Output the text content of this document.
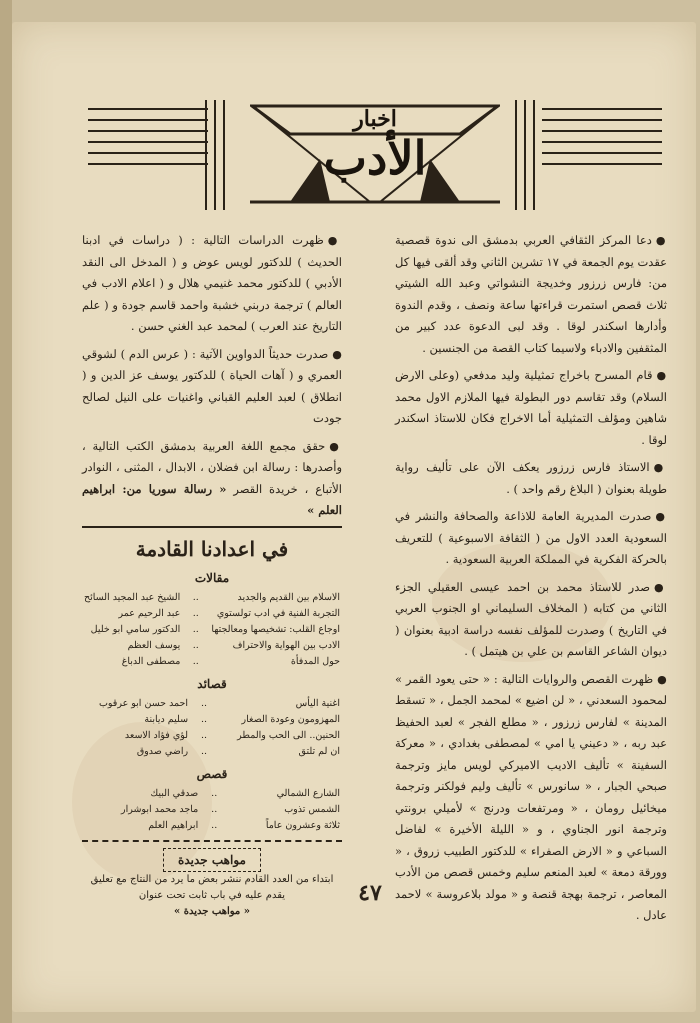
اخبار
الأدب

●دعا المركز الثقافي العربي بدمشق الى ندوة قصصية عقدت يوم الجمعة في ١٧ تشرين الثاني وقد ألقى فيها كل من: فارس زرزور وخديجة النشواتي وعبد الله الشيتي ثلاث قصص استمرت قراءتها ساعة ونصف ، وقدم الندوة وأدارها اسكندر لوقا . وقد لبى الدعوة عدد كبير من المثقفين والادباء ولاسيما كتاب القصة من الجنسين .

●قام المسرح باخراج تمثيلية وليد مدفعي (وعلى الارض السلام) وقد تقاسم دور البطولة فيها الملازم الاول محمد شاهين ومؤلف التمثيلية أما الاخراج فكان للاستاذ اسكندر لوقا .

●الاستاذ فارس زرزور يعكف الآن على تأليف رواية طويلة بعنوان ( البلاغ رقم واحد ) .

●صدرت المديرية العامة للاذاعة والصحافة والنشر في السعودية العدد الاول من ( الثقافة الاسبوعية ) للتعريف بالحركة الفكرية في المملكة العربية السعودية .

●صدر للاستاذ محمد بن احمد عيسى العقيلي الجزء الثاني من كتابه ( المخلاف السليماني او الجنوب العربي في التاريخ ) وصدرت للمؤلف نفسه دراسة ادبية بعنوان ( ديوان الشاعر القاسم بن علي بن هيتمل ) .

●ظهرت القصص والروايات التالية : « حتى يعود القمر » لمحمود السعدني ، « لن اضيع » لمحمد الجمل ، « تسقط المدينة » لفارس زرزور ، « مطلع الفجر » لعبد الحفيظ عبد ربه ، « دعيني يا امي » لمصطفى بغدادي ، « معركة السفينة » تأليف الاديب الاميركي لويس مايز وترجمة صبحي الجبار ، « سانورس » تأليف وليم فولكنر وترجمة ميخائيل رومان ، « ومرتفعات ودرنج » لأميلي برونتي وترجمة انور الجناوي ، و « الليلة الأخيرة » لفاضل السباعي و « الارض الصفراء » للدكتور الطبيب زروق ، « وورقة دمعة » لعبد المنعم سليم وخمس قصص من الأدب المعاصر ، ترجمة بهجة قنصة و « مولد بلاعروسة » لاحمد عادل .

●ظهرت الدراسات التالية : ( دراسات في ادبنا الحديث ) للدكتور لويس عوض و ( المدخل الى النقد الأدبي ) للدكتور محمد غنيمي هلال و ( اعلام الادب في العالم ) ترجمة دربني خشبة واحمد قاسم جودة و ( علم التاريخ عند العرب ) لمحمد عبد الغني حسن .

●صدرت حديثاً الدواوين الآتية : ( عرس الدم ) لشوقي العمري و ( آهات الحياة ) للدكتور يوسف عز الدين و ( انطلاق ) لعبد العليم القباني واغنيات على النيل لصالح جودت

●حقق مجمع اللغة العربية بدمشق الكتب التالية ، وأصدرها : رسالة ابن فضلان ، الابدال ، المثنى ، النوادر الأتباع ، خريدة القصر « رسالة سوريا من: ابراهيم العلم »

في اعدادنا القادمة
مقالات
الاسلام بين القديم والجديد	..	الشيخ عبد المجيد السائح
التجربة الفنية في ادب تولستوي	..	عبد الرحيم عمر
اوجاع القلب: تشخيصها ومعالجتها	..	الدكتور سامي ابو خليل
الادب بين الهواية والاحتراف	..	يوسف العظم
حول المدفأة	..	مصطفى الدباغ
قصائد
اغنية اليأس	..	احمد حسن ابو عرقوب
المهزومون وعودة الصغار	..	سليم ديابنة
الحنين.. الى الحب والمطر	..	لؤي فؤاد الاسعد
ان لم تلتق	..	راضي صدوق
قصص
الشارع الشمالي	..	صدقي البيك
الشمس تذوب	..	ماجد محمد ابوشرار
ثلاثة وعشرون عاماً	..	ابراهيم العلم
مواهب جديدة
ابتداء من العدد القادم ننشر بعض ما يرد من النتاج مع تعليق يقدم عليه في باب ثابت تحت عنوان
« مواهب جديدة »
٤٧
